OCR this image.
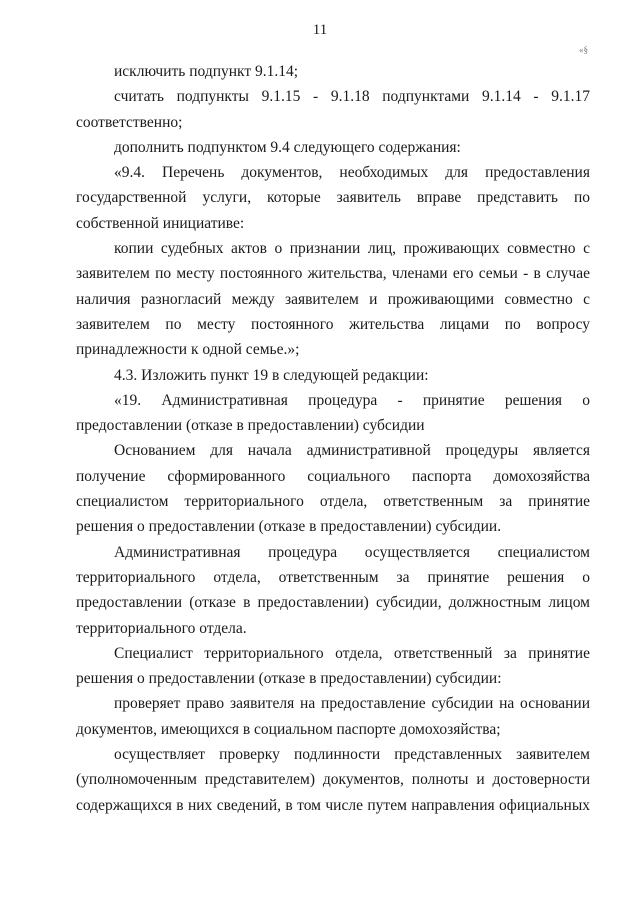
11
«§

исключить подпункт 9.1.14;

считать подпункты 9.1.15 - 9.1.18 подпунктами 9.1.14 - 9.1.17 соответственно;

дополнить подпунктом 9.4 следующего содержания:

«9.4. Перечень документов, необходимых для предоставления государственной услуги, которые заявитель вправе представить по собственной инициативе:

копии судебных актов о признании лиц, проживающих совместно с заявителем по месту постоянного жительства, членами его семьи - в случае наличия разногласий между заявителем и проживающими совместно с заявителем по месту постоянного жительства лицами по вопросу принадлежности к одной семье.»;

4.3. Изложить пункт 19 в следующей редакции:

«19. Административная процедура - принятие решения о предоставлении (отказе в предоставлении) субсидии

Основанием для начала административной процедуры является получение сформированного социального паспорта домохозяйства специалистом территориального отдела, ответственным за принятие решения о предоставлении (отказе в предоставлении) субсидии.

Административная процедура осуществляется специалистом территориального отдела, ответственным за принятие решения о предоставлении (отказе в предоставлении) субсидии, должностным лицом территориального отдела.

Специалист территориального отдела, ответственный за принятие решения о предоставлении (отказе в предоставлении) субсидии:

проверяет право заявителя на предоставление субсидии на основании документов, имеющихся в социальном паспорте домохозяйства;

осуществляет проверку подлинности представленных заявителем (уполномоченным представителем) документов, полноты и достоверности содержащихся в них сведений, в том числе путем направления официальных
